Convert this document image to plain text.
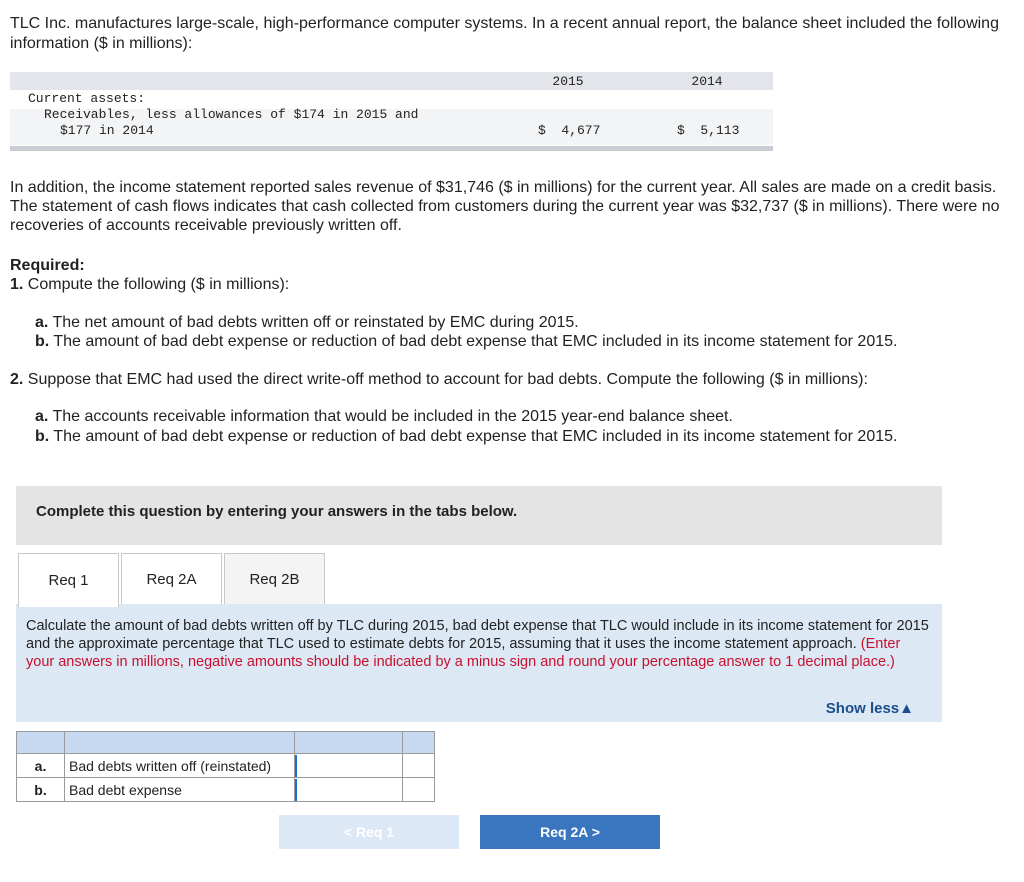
TLC Inc. manufactures large-scale, high-performance computer systems. In a recent annual report, the balance sheet included the following information ($ in millions):
2015	2014
Current assets:
Receivables, less allowances of $174 in 2015 and
$177 in 2014	$  4,677	$  5,113
In addition, the income statement reported sales revenue of $31,746 ($ in millions) for the current year. All sales are made on a credit basis. The statement of cash flows indicates that cash collected from customers during the current year was $32,737 ($ in millions). There were no recoveries of accounts receivable previously written off.
Required:
1. Compute the following ($ in millions):
a. The net amount of bad debts written off or reinstated by EMC during 2015.
b. The amount of bad debt expense or reduction of bad debt expense that EMC included in its income statement for 2015.
2. Suppose that EMC had used the direct write-off method to account for bad debts. Compute the following ($ in millions):
a. The accounts receivable information that would be included in the 2015 year-end balance sheet.
b. The amount of bad debt expense or reduction of bad debt expense that EMC included in its income statement for 2015.
Complete this question by entering your answers in the tabs below.
Req 1	Req 2A	Req 2B
Calculate the amount of bad debts written off by TLC during 2015, bad debt expense that TLC would include in its income statement for 2015 and the approximate percentage that TLC used to estimate debts for 2015, assuming that it uses the income statement approach. (Enter your answers in millions, negative amounts should be indicated by a minus sign and round your percentage answer to 1 decimal place.)
Show less▲

a.	Bad debts written off (reinstated)		
b.	Bad debt expense		
< Req 1	Req 2A >
